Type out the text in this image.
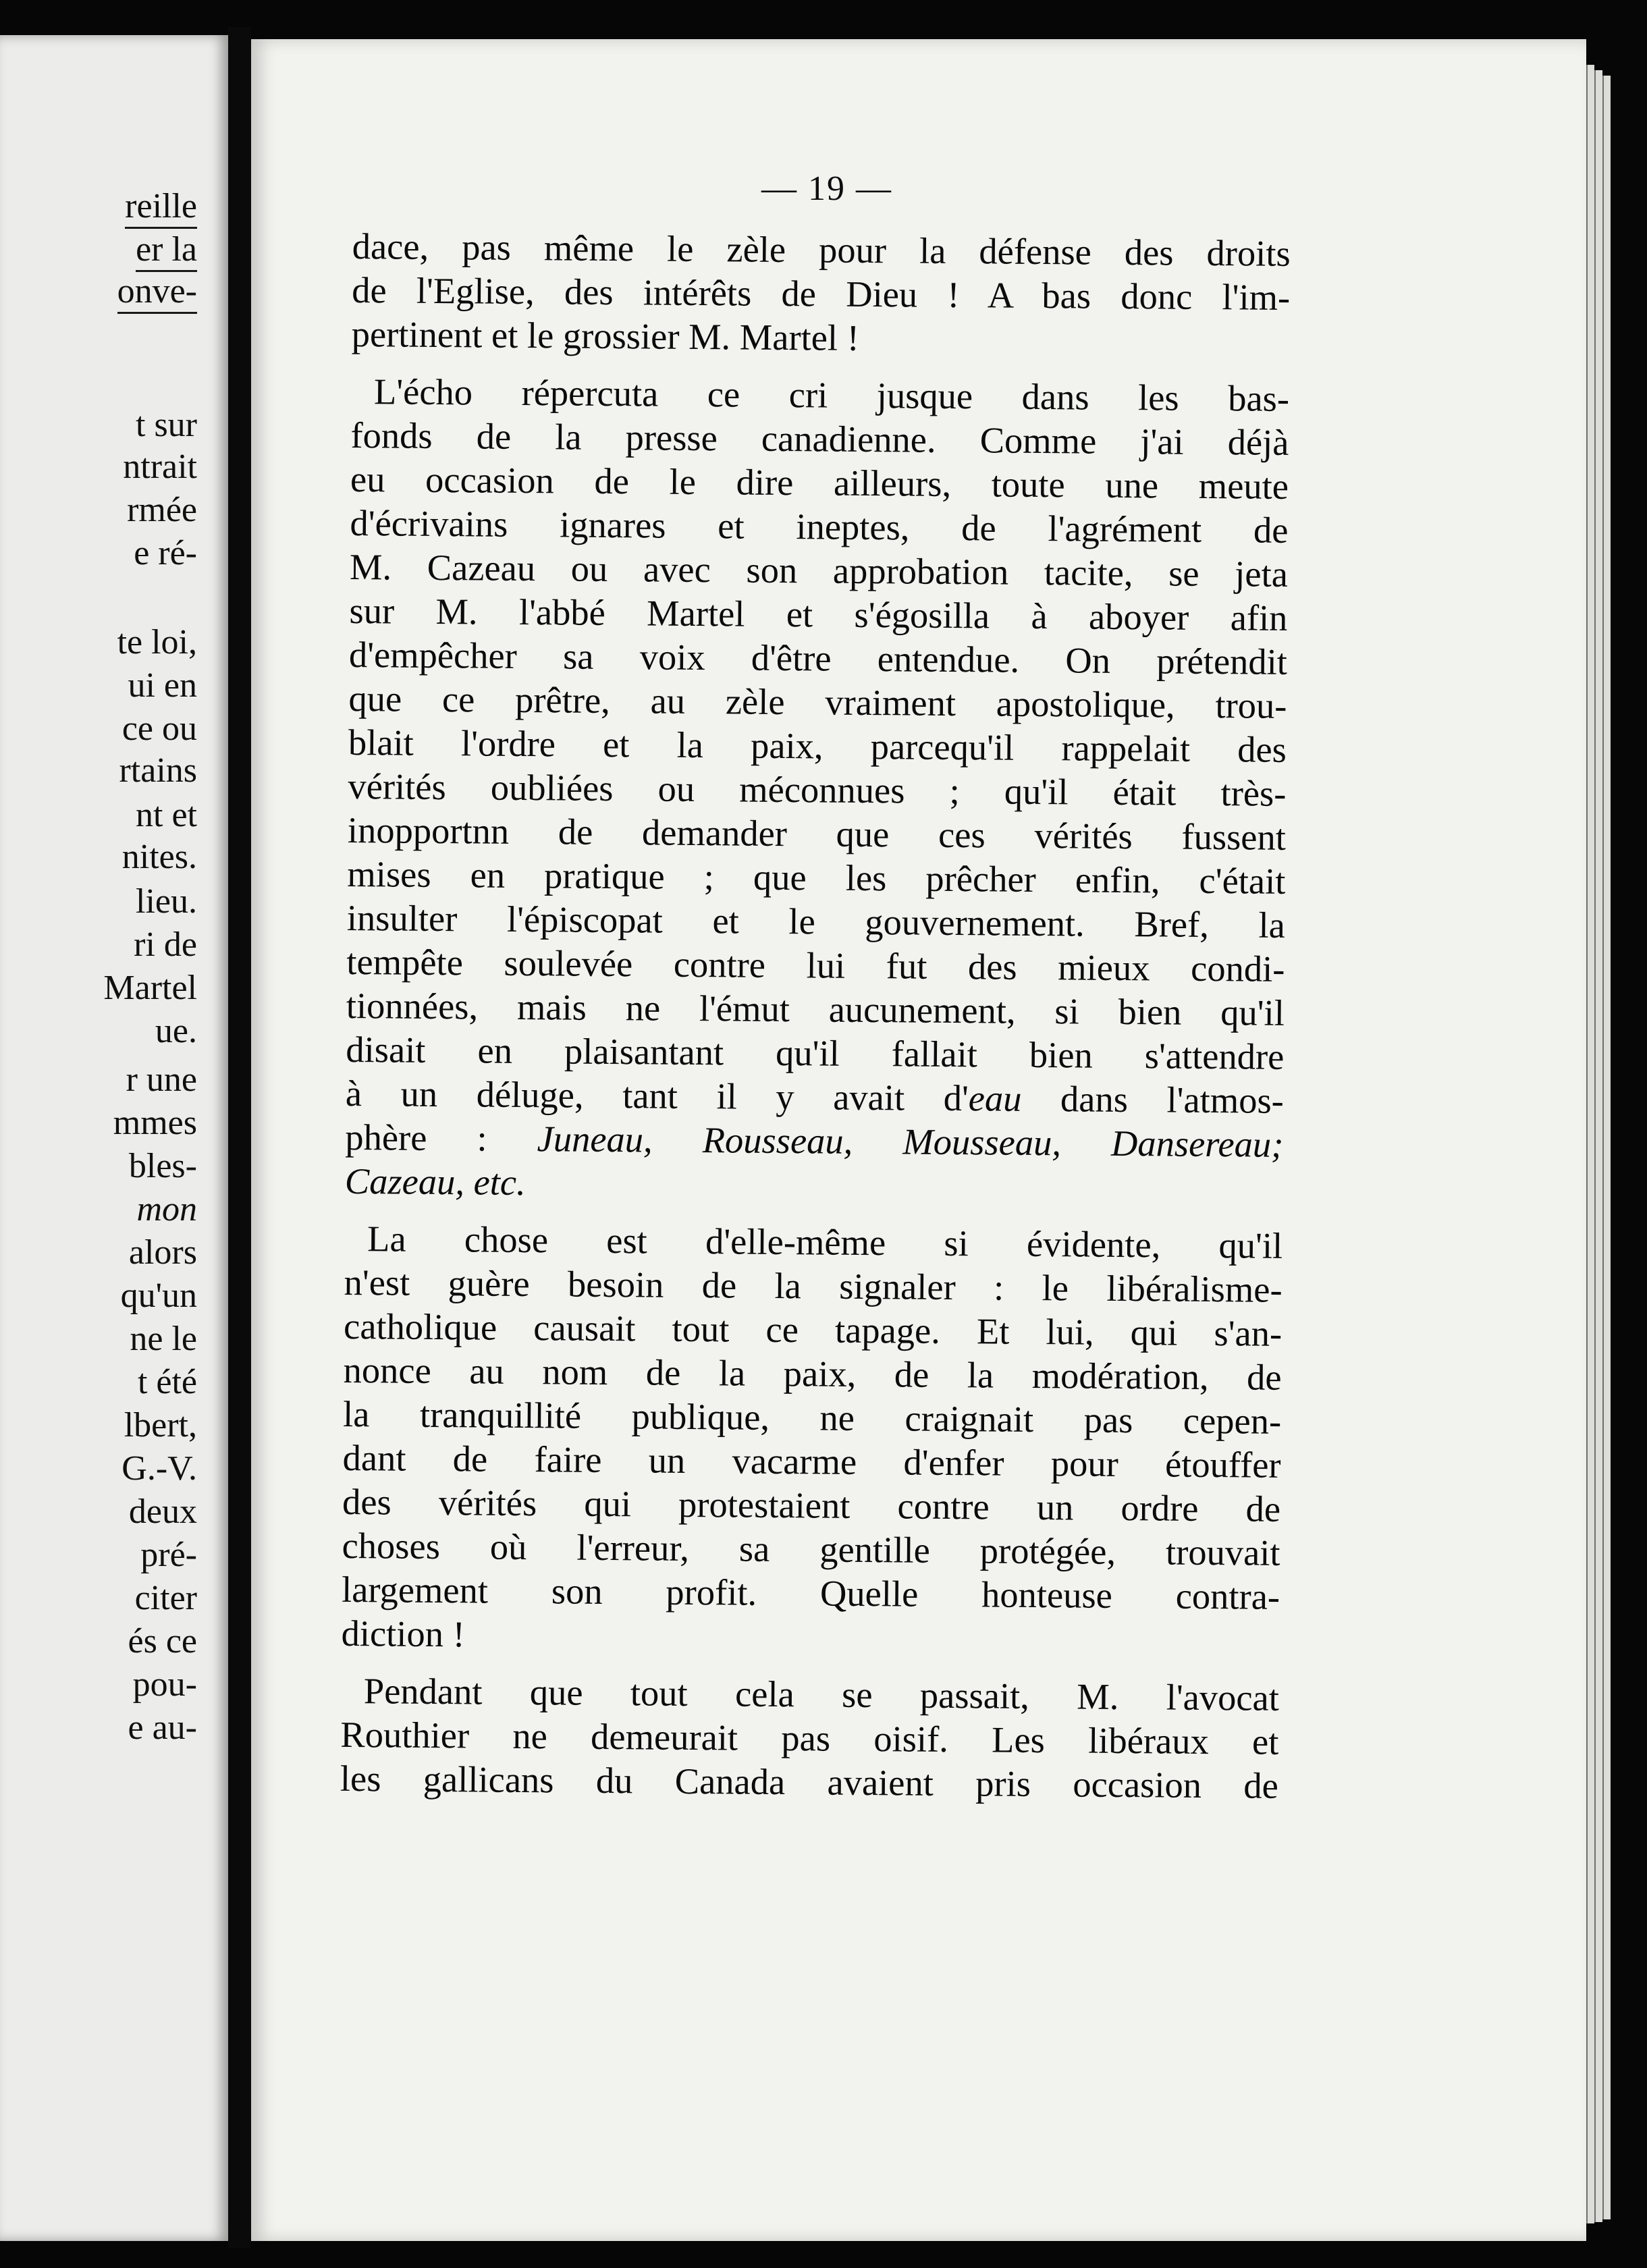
reille
er la
onve-
t sur
ntrait
rmée
e ré-
te loi,
ui en
ce ou
rtains
nt et
nites.
lieu.
ri de
Martel
ue.
r une
mmes
bles-
mon
alors
qu'un
ne le
t été
lbert,
G.-V.
deux
pré-
citer
és ce
pou-
e au-
— 19 —
dace, pas même le zèle pour la défense des droits
de l'Eglise, des intérêts de Dieu ! A bas donc l'im-
pertinent et le grossier M. Martel !
L'écho répercuta ce cri jusque dans les bas-
fonds de la presse canadienne. Comme j'ai déjà
eu occasion de le dire ailleurs, toute une meute
d'écrivains ignares et ineptes, de l'agrément de
M. Cazeau ou avec son approbation tacite, se jeta
sur M. l'abbé Martel et s'égosilla à aboyer afin
d'empêcher sa voix d'être entendue. On prétendit
que ce prêtre, au zèle vraiment apostolique, trou-
blait l'ordre et la paix, parcequ'il rappelait des
vérités oubliées ou méconnues ; qu'il était très-
inopportnn de demander que ces vérités fussent
mises en pratique ; que les prêcher enfin, c'était
insulter l'épiscopat et le gouvernement. Bref, la
tempête soulevée contre lui fut des mieux condi-
tionnées, mais ne l'émut aucunement, si bien qu'il
disait en plaisantant qu'il fallait bien s'attendre
à un déluge, tant il y avait d'eau dans l'atmos-
phère : Juneau, Rousseau, Mousseau, Dansereau;
Cazeau, etc.
La chose est d'elle-même si évidente, qu'il
n'est guère besoin de la signaler : le libéralisme-
catholique causait tout ce tapage. Et lui, qui s'an-
nonce au nom de la paix, de la modération, de
la tranquillité publique, ne craignait pas cepen-
dant de faire un vacarme d'enfer pour étouffer
des vérités qui protestaient contre un ordre de
choses où l'erreur, sa gentille protégée, trouvait
largement son profit. Quelle honteuse contra-
diction !
Pendant que tout cela se passait, M. l'avocat
Routhier ne demeurait pas oisif. Les libéraux et
les gallicans du Canada avaient pris occasion de
